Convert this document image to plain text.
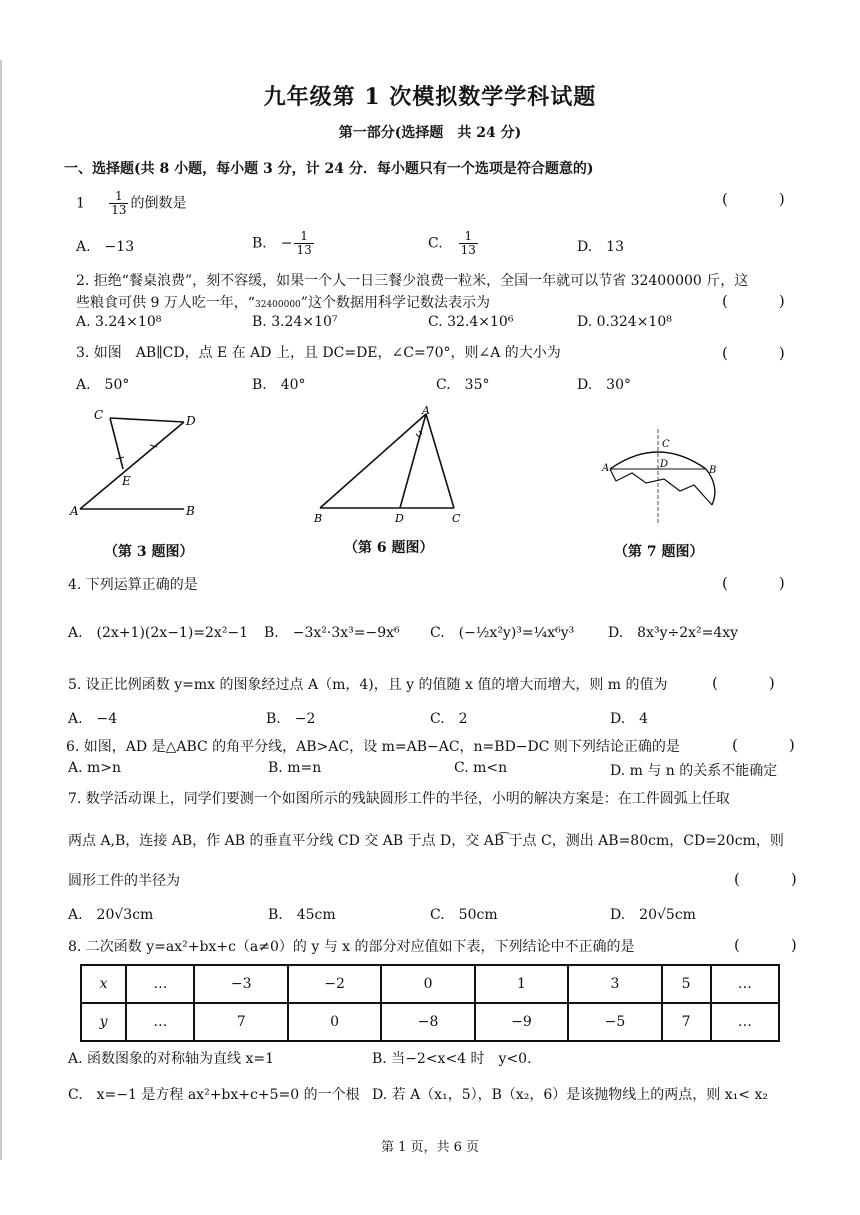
九年级第 1 次模拟数学学科试题
第一部分(选择题　共 24 分)
一、选择题(共 8 小题，每小题 3 分，计 24 分．每小题只有一个选项是符合题意的)
$1 \frac{1}{13}$ 的倒数是	(　)
A.　−13	B.　− $\frac{1}{13}$	C.　 $\frac{1}{13}$	D.　13
2. 拒绝“餐桌浪费”，刻不容缓，如果一个人一日三餐少浪费一粒米，全国一年就可以节省 32400000 斤，这
些粮食可供 9 万人吃一年，“32400000”这个数据用科学记数法表示为	(　)
A. 3.24×10⁸	B. 3.24×10⁷	C. 32.4×10⁶	D. 0.324×10⁸
3. 如图　AB∥CD，点 E 在 AD 上，且 DC=DE，∠C=70°，则∠A 的大小为	(　)
A.　50°	B.　40°	C.　35°	D.　30°
C	D
E
A	B
（第 3 题图）
A
B	D	C
（第 6 题图）
C
A	D
B
（第 7 题图）
4. 下列运算正确的是	(　)
A.　(2x+1)(2x−1)=2x²−1 B.　−3x²·3x³=−9x⁶ C.　(−½x²y)³=¼x⁶y³ D.　8x³y÷2x²=4xy
5. 设正比例函数 y=mx 的图象经过点 A（m，4)，且 y 的值随 x 值的增大而增大，则 m 的值为	(　)
A.　−4	B.　−2	C.　2	D.　4
6. 如图，AD 是△ABC 的角平分线，AB>AC，设 m=AB−AC，n=BD−DC 则下列结论正确的是	(　)
A. m>n	B. m=n	C. m<n	D. m 与 n 的关系不能确定
7. 数学活动课上，同学们要测一个如图所示的残缺圆形工件的半径，小明的解决方案是：在工件圆弧上任取
两点 A,B，连接 AB，作 AB 的垂直平分线 CD 交 AB 于点 D，交 AB͡ 于点 C，测出 AB=80cm，CD=20cm，则
圆形工件的半径为	(　)
A.　20√3cm	B.　45cm	C.　50cm	D.　20√5cm
8. 二次函数 y=ax²+bx+c（a≠0）的 y 与 x 的部分对应值如下表，下列结论中不正确的是	(　)
x	…	−3	−2	0	1	3	5	…
y	…	7	0	−8	−9	−5	7	…
A. 函数图象的对称轴为直线 x=1	B. 当−2<x<4 时　y<0.
C.　x=−1 是方程 ax²+bx+c+5=0 的一个根 D. 若 A（x₁，5），B（x₂，6）是该抛物线上的两点，则 x₁< x₂
第 1 页，共 6 页
